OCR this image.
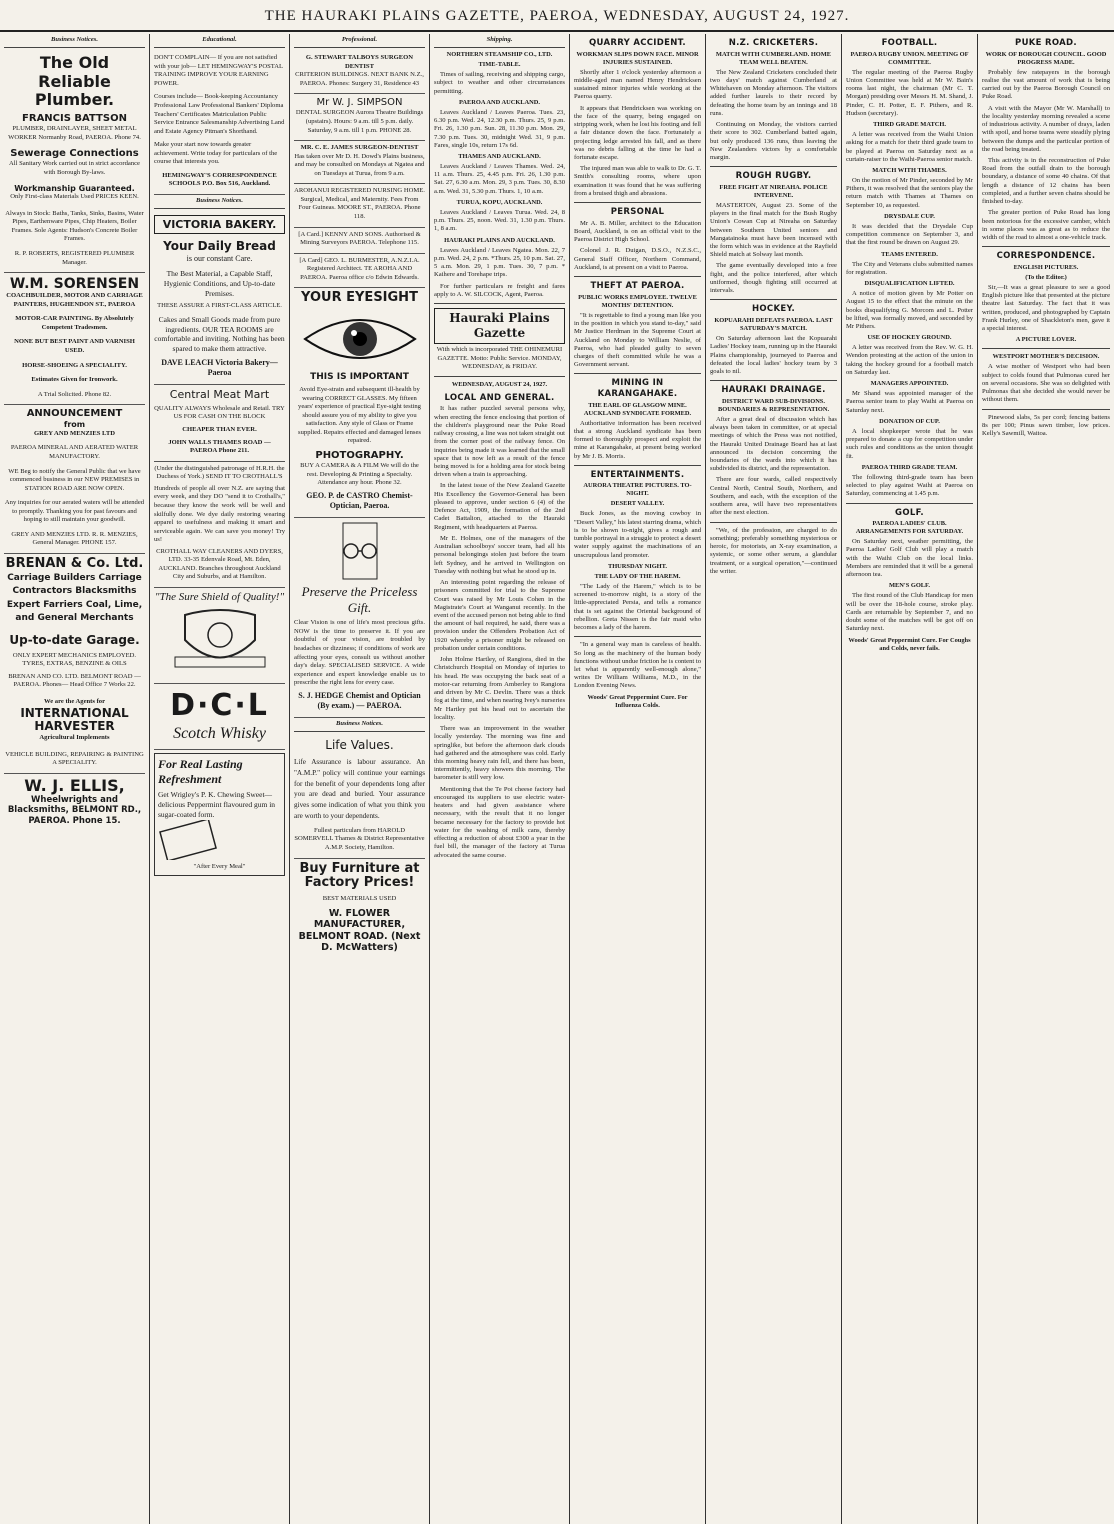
THE HAURAKI PLAINS GAZETTE, PAEROA, WEDNESDAY, AUGUST 24, 1927.
Business Notices.
The Old Reliable Plumber.
FRANCIS BATTSON
PLUMBER, DRAINLAYER, SHEET METAL WORKER Normanby Road, PAEROA. Phone 74.
Sewerage Connections
All Sanitary Work carried out in strict accordance with Borough By-laws.
Workmanship Guaranteed.
Only First-class Materials Used PRICES KEEN.
Always in Stock: Baths, Tanks, Sinks, Basins, Water Pipes, Earthenware Pipes, Chip Heaters, Boiler Frames. Sole Agents: Hudson's Concrete Boiler Frames.
R. P. ROBERTS, REGISTERED PLUMBER Manager.
W.M. SORENSEN
COACHBUILDER, MOTOR AND CARRIAGE PAINTERS, HUGHENDON ST., PAEROA
MOTOR-CAR PAINTING. By Absolutely Competent Tradesmen.
NONE BUT BEST PAINT AND VARNISH USED.
HORSE-SHOEING A SPECIALITY.
Estimates Given for Ironwork.
A Trial Solicited. Phone 82.
ANNOUNCEMENT
from
GREY AND MENZIES LTD
PAEROA MINERAL AND AERATED WATER MANUFACTORY.
WE Beg to notify the General Public that we have commenced business in our NEW PREMISES in STATION ROAD ARE NOW OPEN.
Any inquiries for our aerated waters will be attended to promptly. Thanking you for past favours and hoping to still maintain your goodwill.
GREY AND MENZIES LTD. R. R. MENZIES, General Manager. PHONE 157.
BRENAN & Co. Ltd.
Carriage Builders Carriage Contractors Blacksmiths Expert Farriers Coal, Lime, and General Merchants
Up-to-date Garage.
ONLY EXPERT MECHANICS EMPLOYED. TYRES, EXTRAS, BENZINE & OILS
BRENAN AND CO. LTD. BELMONT ROAD — PAEROA. Phones— Head Office 7 Works 22.
We are the Agents for
INTERNATIONAL HARVESTER
Agricultural Implements
VEHICLE BUILDING, REPAIRING & PAINTING A SPECIALITY.
W. J. ELLIS,
Wheelwrights and Blacksmiths, BELMONT RD., PAEROA. Phone 15.
Educational.
DON'T COMPLAIN— If you are not satisfied with your job— LET HEMINGWAY'S POSTAL TRAINING IMPROVE YOUR EARNING POWER.
Courses include— Book-keeping Accountancy Professional Law Professional Bankers' Diploma Teachers' Certificates Matriculation Public Service Entrance Salesmanship Advertising Land and Estate Agency Pitman's Shorthand.
Make your start now towards greater achievement. Write today for particulars of the course that interests you.
HEMINGWAY'S CORRESPONDENCE SCHOOLS P.O. Box 516, Auckland.
Business Notices.
VICTORIA BAKERY.
Your Daily Bread
is our constant Care.
The Best Material, a Capable Staff, Hygienic Conditions, and Up-to-date Premises.
THESE ASSURE A FIRST-CLASS ARTICLE.
Cakes and Small Goods made from pure ingredients. OUR TEA ROOMS are comfortable and inviting. Nothing has been spared to make them attractive.
DAVE LEACH Victoria Bakery—Paeroa
Central Meat Mart
QUALITY ALWAYS Wholesale and Retail. TRY US FOR CASH ON THE BLOCK
CHEAPER THAN EVER.
JOHN WALLS THAMES ROAD — PAEROA Phone 211.
(Under the distinguished patronage of H.R.H. the Duchess of York.) SEND IT TO CROTHALL'S
Hundreds of people all over N.Z. are saying that every week, and they DO "send it to Crothall's," because they know the work will be well and skilfully done. We dye daily restoring wearing apparel to usefulness and making it smart and serviceable again. We can save you money! Try us!
CROTHALL WAY CLEANERS AND DYERS, LTD. 33-35 Edenvale Road, Mt. Eden, AUCKLAND. Branches throughout Auckland City and Suburbs, and at Hamilton.
"The Sure Shield of Quality!"
D·C·L
Scotch Whisky
For Real Lasting Refreshment
Get Wrigley's P. K. Chewing Sweet—delicious Peppermint flavoured gum in sugar-coated form.
"After Every Meal"
Professional.
G. STEWART TALBOYS SURGEON DENTIST
CRITERION BUILDINGS. NEXT BANK N.Z., PAEROA. Phones: Surgery 31, Residence 43
Mr W. J. SIMPSON
DENTAL SURGEON Aurora Theatre Buildings (upstairs). Hours: 9 a.m. till 5 p.m. daily. Saturday, 9 a.m. till 1 p.m. PHONE 28.
MR. C. E. JAMES SURGEON-DENTIST
Has taken over Mr D. H. Dowd's Plains business, and may be consulted on Mondays at Ngatea and on Tuesdays at Turua, from 9 a.m.
AROHANUI REGISTERED NURSING HOME. Surgical, Medical, and Maternity. Fees From Four Guineas. MOORE ST., PAEROA. Phone 118.
[A Card.] KENNY AND SONS. Authorised & Mining Surveyors PAEROA. Telephone 115.
[A Card] GEO. L. BURMESTER, A.N.Z.I.A. Registered Architect. TE AROHA AND PAEROA. Paeroa office c/o Edwin Edwards.
YOUR EYESIGHT
THIS IS IMPORTANT
Avoid Eye-strain and subsequent ill-health by wearing CORRECT GLASSES. My fifteen years' experience of practical Eye-sight testing should assure you of my ability to give you satisfaction. Any style of Glass or Frame supplied. Repairs effected and damaged lenses repaired.
PHOTOGRAPHY.
BUY A CAMERA & A FILM We will do the rest. Developing & Printing a Specialty. Attendance any hour. Phone 32.
GEO. P. de CASTRO Chemist-Optician, Paeroa.
Preserve the Priceless Gift.
Clear Vision is one of life's most precious gifts. NOW is the time to preserve it. If you are doubtful of your vision, are troubled by headaches or dizziness; if conditions of work are affecting your eyes, consult us without another day's delay. SPECIALISED SERVICE. A wide experience and expert knowledge enable us to prescribe the right lens for every case.
S. J. HEDGE Chemist and Optician (By exam.) — PAEROA.
Business Notices.
Life Values.
Life Assurance is labour assurance. An "A.M.P." policy will continue your earnings for the benefit of your dependents long after you are dead and buried. Your assurance gives some indication of what you think you are worth to your dependents.
Fullest particulars from HAROLD SOMERVELL Thames & District Representative A.M.P. Society, Hamilton.
Buy Furniture at Factory Prices!
BEST MATERIALS USED
W. FLOWER MANUFACTURER, BELMONT ROAD. (Next D. McWatters)
Shipping.
NORTHERN STEAMSHIP CO., LTD.
TIME-TABLE.

Times of sailing, receiving and shipping cargo, subject to weather and other circumstances permitting.

PAEROA AND AUCKLAND.

Leaves Auckland / Leaves Paeroa. Tues. 23, 6.30 p.m. Wed. 24, 12.30 p.m. Thurs. 25, 9 p.m. Fri. 26, 1.30 p.m. Sun. 28, 11.30 p.m. Mon. 29, 7.30 p.m. Tues. 30, midnight Wed. 31, 9 p.m. Fares, single 10s, return 17s 6d.

THAMES AND AUCKLAND.

Leaves Auckland / Leaves Thames. Wed. 24, 11 a.m. Thurs. 25, 4.45 p.m. Fri. 26, 1.30 p.m. Sat. 27, 6.30 a.m. Mon. 29, 3 p.m. Tues. 30, 8.30 a.m. Wed. 31, 5.30 p.m. Thurs. 1, 10 a.m.

TURUA, KOPU, AUCKLAND.

Leaves Auckland / Leaves Turua. Wed. 24, 8 p.m. Thurs. 25, noon. Wed. 31, 1.30 p.m. Thurs. 1, 8 a.m.

HAURAKI PLAINS AND AUCKLAND.

Leaves Auckland / Leaves Ngatea. Mon. 22, 7 p.m. Wed. 24, 2 p.m. *Thurs. 25, 10 p.m. Sat. 27, 5 a.m. Mon. 29, 1 p.m. Tues. 30, 7 p.m. * Kaihere and Torehape trips.

For further particulars re freight and fares apply to A. W. SILCOCK, Agent, Paeroa.

Hauraki Plains Gazette
With which is incorporated THE OHINEMURI GAZETTE. Motto: Public Service. MONDAY, WEDNESDAY, & FRIDAY.
WEDNESDAY, AUGUST 24, 1927.
LOCAL AND GENERAL.

It has rather puzzled several persons why, when erecting the fence enclosing that portion of the children's playground near the Puke Road railway crossing, a line was not taken straight out from the corner post of the railway fence. On inquiries being made it was learned that the small space that is now left as a result of the fence being moved is for a holding area for stock being driven when a train is approaching.

In the latest issue of the New Zealand Gazette His Excellency the Governor-General has been pleased to approve, under section 6 (4) of the Defence Act, 1909, the formation of the 2nd Cadet Battalion, attached to the Hauraki Regiment, with headquarters at Paeroa.

Mr E. Holmes, one of the managers of the Australian schoolboys' soccer team, had all his personal belongings stolen just before the team left Sydney, and he arrived in Wellington on Tuesday with nothing but what he stood up in.

An interesting point regarding the release of prisoners committed for trial to the Supreme Court was raised by Mr Louis Cohen in the Magistrate's Court at Wanganui recently. In the event of the accused person not being able to find the amount of bail required, he said, there was a provision under the Offenders Probation Act of 1920 whereby a prisoner might be released on probation under certain conditions.

John Holme Hartley, of Rangiora, died in the Christchurch Hospital on Monday of injuries to his head. He was occupying the back seat of a motor-car returning from Amberley to Rangiora and driven by Mr C. Devlin. There was a thick fog at the time, and when nearing Ivey's nurseries Mr Hartley put his head out to ascertain the locality.

There was an improvement in the weather locally yesterday. The morning was fine and springlike, but before the afternoon dark clouds had gathered and the atmosphere was cold. Early this morning heavy rain fell, and there has been, intermittently, heavy showers this morning. The barometer is still very low.

Mentioning that the Te Poi cheese factory had encouraged its suppliers to use electric water-heaters and had given assistance where necessary, with the result that it no longer became necessary for the factory to provide hot water for the washing of milk cans, thereby effecting a reduction of about £300 a year in the fuel bill, the manager of the factory at Turua advocated the same course.

QUARRY ACCIDENT.
WORKMAN SLIPS DOWN FACE. MINOR INJURIES SUSTAINED.

Shortly after 1 o'clock yesterday afternoon a middle-aged man named Henry Hendricksen sustained minor injuries while working at the Paeroa quarry.

It appears that Hendricksen was working on the face of the quarry, being engaged on stripping work, when he lost his footing and fell a fair distance down the face. Fortunately a projecting ledge arrested his fall, and as there was no debris falling at the time he had a fortunate escape.

The injured man was able to walk to Dr. G. T. Smith's consulting rooms, where upon examination it was found that he was suffering from a bruised thigh and abrasions.

PERSONAL

Mr A. B. Miller, architect to the Education Board, Auckland, is on an official visit to the Paeroa District High School.

Colonel J. R. Duigan, D.S.O., N.Z.S.C., General Staff Officer, Northern Command, Auckland, is at present on a visit to Paeroa.

THEFT AT PAEROA.
PUBLIC WORKS EMPLOYEE. TWELVE MONTHS' DETENTION.

"It is regrettable to find a young man like you in the position in which you stand to-day," said Mr Justice Herdman in the Supreme Court at Auckland on Monday to William Neslie, of Paeroa, who had pleaded guilty to seven charges of theft committed while he was a Government servant.

MINING IN KARANGAHAKE.
THE EARL OF GLASGOW MINE. AUCKLAND SYNDICATE FORMED.

Authoritative information has been received that a strong Auckland syndicate has been formed to thoroughly prospect and exploit the mine at Karangahake, at present being worked by Mr J. B. Morris.

ENTERTAINMENTS.
AURORA THEATRE PICTURES. TO-NIGHT.
DESERT VALLEY.

Buck Jones, as the moving cowboy in "Desert Valley," his latest starring drama, which is to be shown to-night, gives a rough and tumble portrayal in a struggle to protect a desert water supply against the machinations of an unscrupulous land promoter.

THURSDAY NIGHT.
THE LADY OF THE HAREM.

"The Lady of the Harem," which is to be screened to-morrow night, is a story of the little-appreciated Persia, and tells a romance that is set against the Oriental background of rebellion. Greta Nissen is the fair maid who becomes a lady of the harem.

"In a general way man is careless of health. So long as the machinery of the human body functions without undue friction he is content to let what is apparently well-enough alone," writes Dr William Williams, M.D., in the London Evening News.

Woods' Great Peppermint Cure. For Influenza Colds.
N.Z. CRICKETERS.
MATCH WITH CUMBERLAND. HOME TEAM WELL BEATEN.

The New Zealand Cricketers concluded their two days' match against Cumberland at Whitehaven on Monday afternoon. The visitors added further laurels to their record by defeating the home team by an innings and 18 runs.

Continuing on Monday, the visitors carried their score to 302. Cumberland batted again, but only produced 136 runs, thus leaving the New Zealanders victors by a comfortable margin.

ROUGH RUGBY.
FREE FIGHT AT NIREAHA. POLICE INTERVENE.

MASTERTON, August 23. Some of the players in the final match for the Bush Rugby Union's Cowan Cup at Nireaha on Saturday between Southern United seniors and Mangatainoka must have been incensed with the form which was in evidence at the Rayfield Shield match at Solway last month.

The game eventually developed into a free fight, and the police interfered, after which uniformed, though fighting still occurred at intervals.

HOCKEY.
KOPUARAHI DEFEATS PAEROA. LAST SATURDAY'S MATCH.

On Saturday afternoon last the Kopuarahi Ladies' Hockey team, running up in the Hauraki Plains championship, journeyed to Paeroa and defeated the local ladies' hockey team by 3 goals to nil.

HAURAKI DRAINAGE.
DISTRICT WARD SUB-DIVISIONS. BOUNDARIES & REPRESENTATION.

After a great deal of discussion which has always been taken in committee, or at special meetings of which the Press was not notified, the Hauraki United Drainage Board has at last announced its decision concerning the boundaries of the wards into which it has subdivided its district, and the representation.

There are four wards, called respectively Central North, Central South, Northern, and Southern, and each, with the exception of the southern area, will have two representatives after the next election.

"We, of the profession, are charged to do something; preferably something mysterious or heroic, for motorists, an X-ray examination, a systemic, or some other serum, a glandular treatment, or a surgical operation,"—continued the writer.

FOOTBALL.
PAEROA RUGBY UNION. MEETING OF COMMITTEE.

The regular meeting of the Paeroa Rugby Union Committee was held at Mr W. Bain's rooms last night, the chairman (Mr C. T. Morgan) presiding over Messrs H. M. Shand, J. Pinder, C. H. Potter, E. F. Pithers, and R. Hudson (secretary).

THIRD GRADE MATCH.

A letter was received from the Waihi Union asking for a match for their third grade team to be played at Paeroa on Saturday next as a curtain-raiser to the Waihi-Paeroa senior match.

MATCH WITH THAMES.

On the motion of Mr Pinder, seconded by Mr Pithers, it was resolved that the seniors play the return match with Thames at Thames on September 10, as requested.

DRYSDALE CUP.

It was decided that the Drysdale Cup competition commence on September 3, and that the first round be drawn on August 29.

TEAMS ENTERED.

The City and Veterans clubs submitted names for registration.

DISQUALIFICATION LIFTED.

A notice of motion given by Mr Potter on August 15 to the effect that the minute on the books disqualifying G. Morcom and L. Potter be lifted, was formally moved, and seconded by Mr Pithers.

USE OF HOCKEY GROUND.

A letter was received from the Rev. W. G. H. Wendon protesting at the action of the union in taking the hockey ground for a football match on Saturday last.

MANAGERS APPOINTED.

Mr Shand was appointed manager of the Paeroa senior team to play Waihi at Paeroa on Saturday next.

DONATION OF CUP.

A local shopkeeper wrote that he was prepared to donate a cup for competition under such rules and conditions as the union thought fit.

PAEROA THIRD GRADE TEAM.

The following third-grade team has been selected to play against Waihi at Paeroa on Saturday, commencing at 1.45 p.m.

GOLF.
PAEROA LADIES' CLUB. ARRANGEMENTS FOR SATURDAY.

On Saturday next, weather permitting, the Paeroa Ladies' Golf Club will play a match with the Waihi Club on the local links. Members are reminded that it will be a general afternoon tea.

MEN'S GOLF.

The first round of the Club Handicap for men will be over the 18-hole course, stroke play. Cards are returnable by September 7, and no doubt some of the matches will be got off on Saturday next.

Woods' Great Peppermint Cure. For Coughs and Colds, never fails.
PUKE ROAD.
WORK OF BOROUGH COUNCIL. GOOD PROGRESS MADE.

Probably few ratepayers in the borough realise the vast amount of work that is being carried out by the Paeroa Borough Council on Puke Road.

A visit with the Mayor (Mr W. Marshall) to the locality yesterday morning revealed a scene of industrious activity. A number of drays, laden with spoil, and horse teams were steadily plying between the dumps and the particular portion of the road being treated.

This activity is in the reconstruction of Puke Road from the outfall drain to the borough boundary, a distance of some 40 chains. Of that length a distance of 12 chains has been completed, and a further seven chains should be finished to-day.

The greater portion of Puke Road has long been notorious for the excessive camber, which in some places was as great as to reduce the width of the road to almost a one-vehicle track.

CORRESPONDENCE.
ENGLISH PICTURES.
(To the Editor.)

Sir,—It was a great pleasure to see a good English picture like that presented at the picture theatre last Saturday. The fact that it was written, produced, and photographed by Captain Frank Hurley, one of Shackleton's men, gave it a special interest.

A PICTURE LOVER.
WESTPORT MOTHER'S DECISION.

A wise mother of Westport who had been subject to colds found that Pulmonas cured her on several occasions. She was so delighted with Pulmonas that she decided she would never be without them.

Pinewood slabs, 5s per cord; fencing battens 8s per 100; Pinus sawn timber, low prices. Kelly's Sawmill, Waitoa.
